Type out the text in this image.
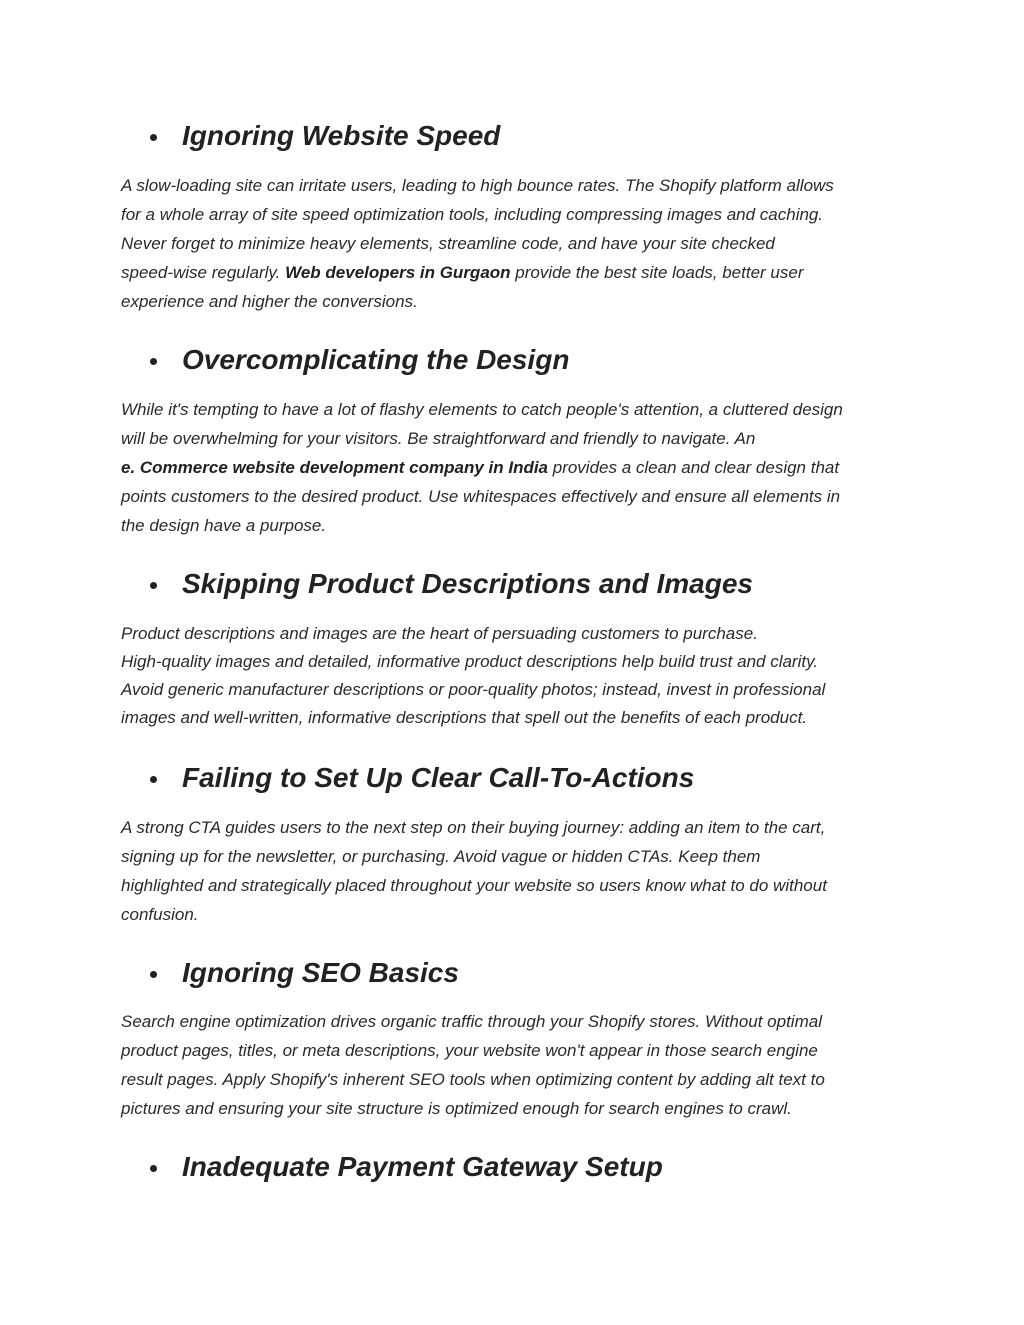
Ignoring Website Speed

A slow-loading site can irritate users, leading to high bounce rates. The Shopify platform allows
for a whole array of site speed optimization tools, including compressing images and caching.
Never forget to minimize heavy elements, streamline code, and have your site checked
speed-wise regularly. Web developers in Gurgaon provide the best site loads, better user
experience and higher the conversions.

Overcomplicating the Design

While it's tempting to have a lot of flashy elements to catch people's attention, a cluttered design
will be overwhelming for your visitors. Be straightforward and friendly to navigate. An
e. Commerce website development company in India provides a clean and clear design that
points customers to the desired product. Use whitespaces effectively and ensure all elements in
the design have a purpose.

Skipping Product Descriptions and Images

Product descriptions and images are the heart of persuading customers to purchase.
High-quality images and detailed, informative product descriptions help build trust and clarity.
Avoid generic manufacturer descriptions or poor-quality photos; instead, invest in professional
images and well-written, informative descriptions that spell out the benefits of each product.

Failing to Set Up Clear Call-To-Actions

A strong CTA guides users to the next step on their buying journey: adding an item to the cart,
signing up for the newsletter, or purchasing. Avoid vague or hidden CTAs. Keep them
highlighted and strategically placed throughout your website so users know what to do without
confusion.

Ignoring SEO Basics

Search engine optimization drives organic traffic through your Shopify stores. Without optimal
product pages, titles, or meta descriptions, your website won't appear in those search engine
result pages. Apply Shopify's inherent SEO tools when optimizing content by adding alt text to
pictures and ensuring your site structure is optimized enough for search engines to crawl.

Inadequate Payment Gateway Setup
